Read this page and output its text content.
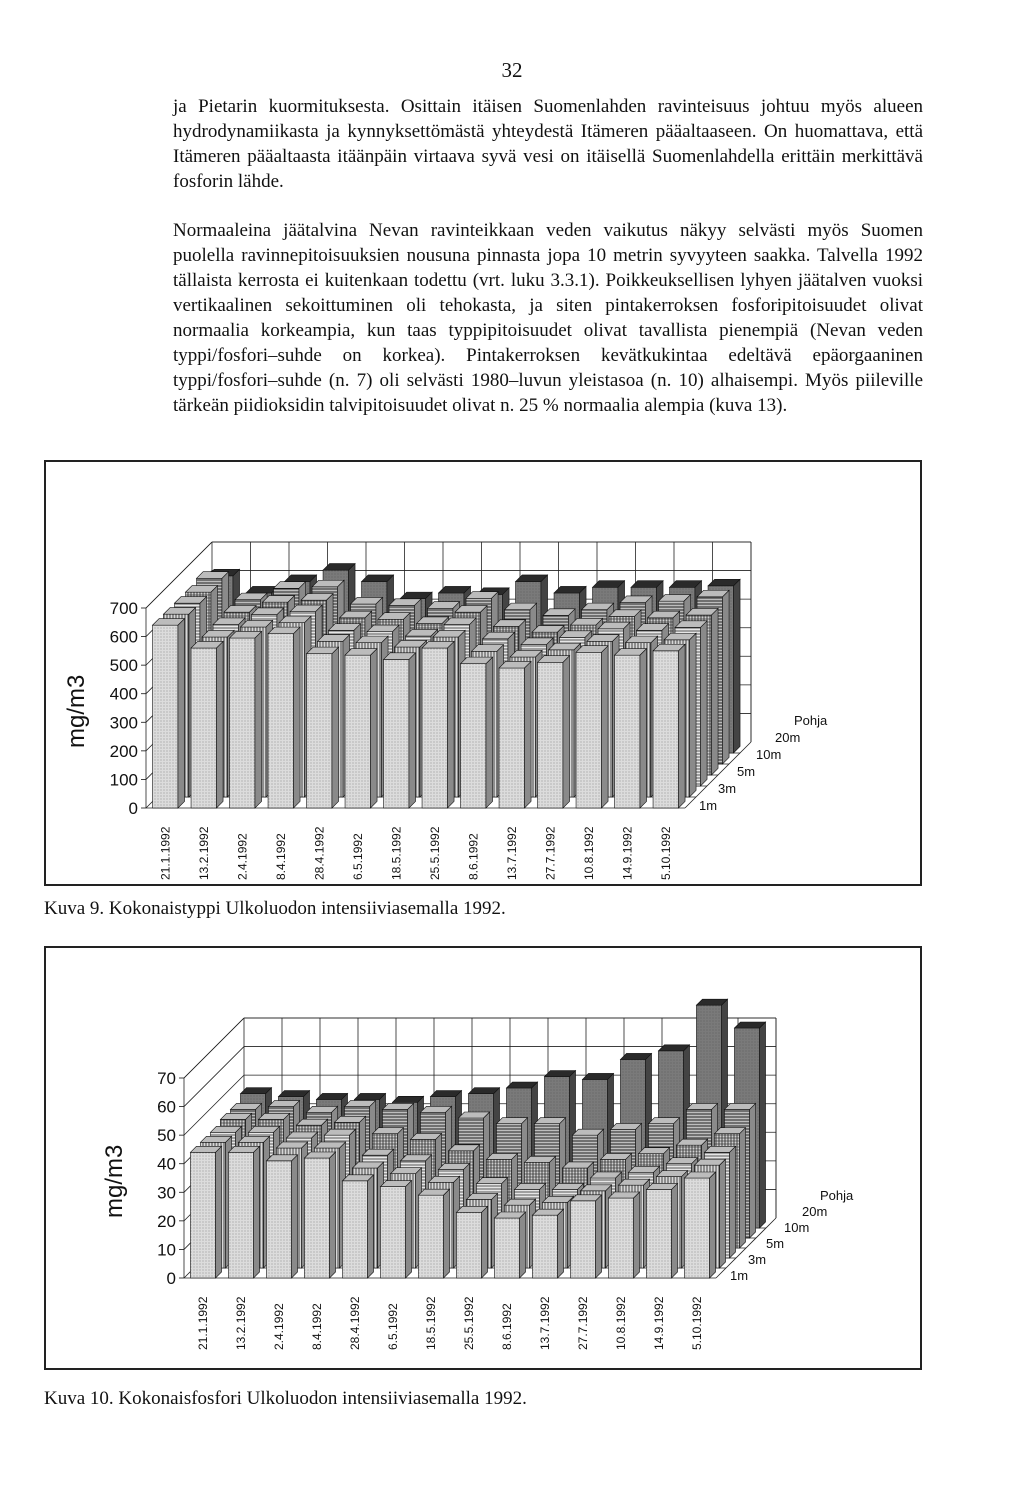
32

ja Pietarin kuormituksesta. Osittain itäisen Suomenlahden ravinteisuus johtuu myös alueen hydrodynamiikasta ja kynnyksettömästä yhteydestä Itämeren pääaltaaseen. On huomattava, että Itämeren pääaltaasta itäänpäin virtaava syvä vesi on itäisellä Suomenlahdella erittäin merkittävä fosforin lähde.

Normaaleina jäätalvina Nevan ravinteikkaan veden vaikutus näkyy selvästi myös Suomen puolella ravinnepitoisuuksien nousuna pinnasta jopa 10 metrin syvyyteen saakka. Talvella 1992 tällaista kerrosta ei kuitenkaan todettu (vrt. luku 3.3.1). Poikkeuksellisen lyhyen jäätalven vuoksi vertikaalinen sekoittuminen oli tehokasta, ja siten pintakerroksen fosforipitoisuudet olivat normaalia korkeampia, kun taas typpipitoisuudet olivat tavallista pienempiä (Nevan veden typpi/fosfori–suhde on korkea). Pintakerroksen kevätkukintaa edeltävä epäorgaaninen typpi/fosfori–suhde (n. 7) oli selvästi 1980–luvun yleistasoa (n. 10) alhaisempi. Myös piileville tärkeän piidioksidin talvipitoisuudet olivat n. 25 % normaalia alempia (kuva 13).

0
100
200
300
400
500
600
700
mg/m3
1m
3m
5m
10m
20m
Pohja
21.1.1992 13.2.1992 2.4.1992 8.4.1992 28.4.1992 6.5.1992 18.5.1992 25.5.1992 8.6.1992 13.7.1992 27.7.1992 10.8.1992 14.9.1992 5.10.1992
Kuva 9. Kokonaistyppi Ulkoluodon intensiiviasemalla 1992.
0
10
20
30
40
50
60
70
mg/m3
1m
3m
5m
10m
20m
Pohja
21.1.1992 13.2.1992 2.4.1992 8.4.1992 28.4.1992 6.5.1992 18.5.1992 25.5.1992 8.6.1992 13.7.1992 27.7.1992 10.8.1992 14.9.1992 5.10.1992
Kuva 10. Kokonaisfosfori Ulkoluodon intensiiviasemalla 1992.
